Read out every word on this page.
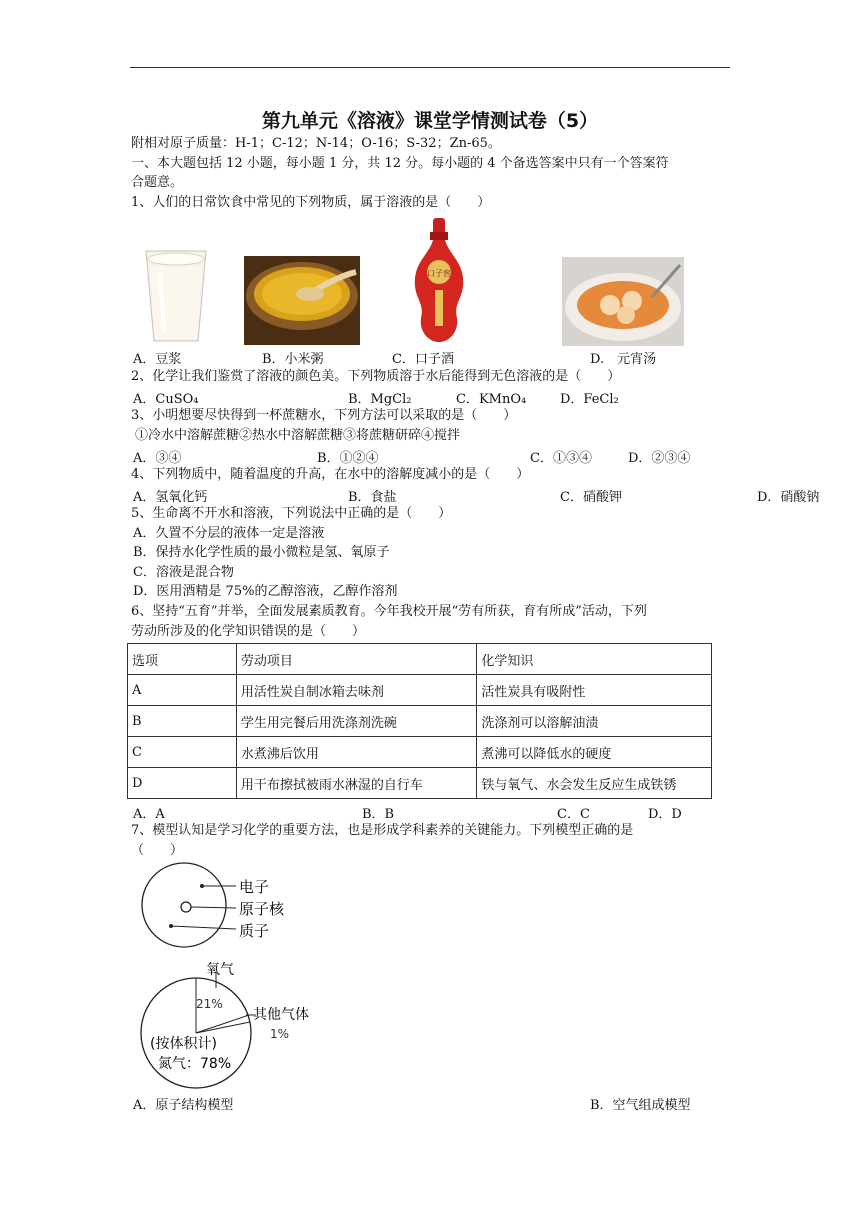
第九单元《溶液》课堂学情测试卷（5）
附相对原子质量：H-1；C-12；N-14；O-16；S-32；Zn-65。
一、本大题包括 12 小题，每小题 1 分，共 12 分。每小题的 4 个备选答案中只有一个答案符
合题意。
1、人们的日常饮食中常见的下列物质，属于溶液的是（　　）
口子窖
A．豆浆	B．小米粥	C．口子酒	D.　元宵汤
2、化学让我们鉴赏了溶液的颜色美。下列物质溶于水后能得到无色溶液的是（　　）
A．CuSO₄	B．MgCl₂	C．KMnO₄	D．FeCl₂
3、小明想要尽快得到一杯蔗糖水，下列方法可以采取的是（　　）
①冷水中溶解蔗糖②热水中溶解蔗糖③将蔗糖研碎④搅拌
A．③④	B．①②④	C．①③④	D．②③④
4、下列物质中，随着温度的升高，在水中的溶解度减小的是（　　）
A．氢氧化钙	B．食盐	C．硝酸钾	D．硝酸钠
5、生命离不开水和溶液，下列说法中正确的是（　　）
A．久置不分层的液体一定是溶液
B．保持水化学性质的最小微粒是氢、氧原子
C．溶液是混合物
D．医用酒精是 75%的乙醇溶液，乙醇作溶剂
6、坚持“五育”并举，全面发展素质教育。今年我校开展“劳有所获，育有所成”活动，下列
劳动所涉及的化学知识错误的是（　　）
选项	劳动项目	化学知识
A	用活性炭自制冰箱去味剂	活性炭具有吸附性
B	学生用完餐后用洗涤剂洗碗	洗涤剂可以溶解油渍
C	水煮沸后饮用	煮沸可以降低水的硬度
D	用干布擦拭被雨水淋湿的自行车	铁与氧气、水会发生反应生成铁锈
A．A	B．B	C．C	D．D
7、模型认知是学习化学的重要方法，也是形成学科素养的关键能力。下列模型正确的是
（　　）
电子
原子核
质子
氧气
21%
其他气体
1%
(按体积计)
氮气：78%
A．原子结构模型	B．空气组成模型
